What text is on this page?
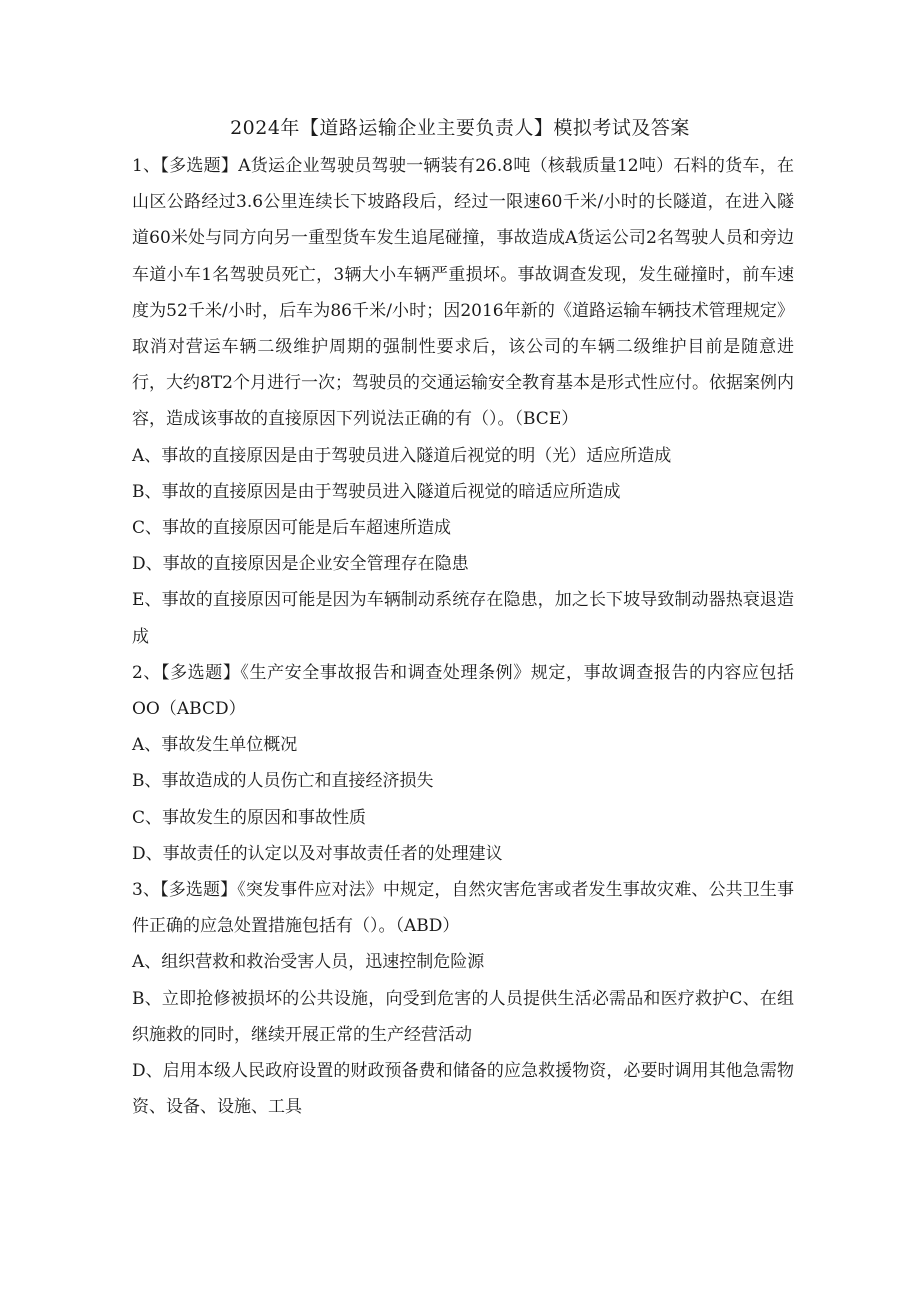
2024年【道路运输企业主要负责人】模拟考试及答案

1、【多选题】A货运企业驾驶员驾驶一辆装有26.8吨（核载质量12吨）石料的货车，在山区公路经过3.6公里连续长下坡路段后，经过一限速60千米/小时的长隧道，在进入隧道60米处与同方向另一重型货车发生追尾碰撞，事故造成A货运公司2名驾驶人员和旁边车道小车1名驾驶员死亡，3辆大小车辆严重损坏。事故调查发现，发生碰撞时，前车速度为52千米/小时，后车为86千米/小时；因2016年新的《道路运输车辆技术管理规定》取消对营运车辆二级维护周期的强制性要求后，该公司的车辆二级维护目前是随意进行，大约8T2个月进行一次；驾驶员的交通运输安全教育基本是形式性应付。依据案例内容，造成该事故的直接原因下列说法正确的有（）。（BCE）

A、事故的直接原因是由于驾驶员进入隧道后视觉的明（光）适应所造成

B、事故的直接原因是由于驾驶员进入隧道后视觉的暗适应所造成

C、事故的直接原因可能是后车超速所造成

D、事故的直接原因是企业安全管理存在隐患

E、事故的直接原因可能是因为车辆制动系统存在隐患，加之长下坡导致制动器热衰退造成

2、【多选题】《生产安全事故报告和调查处理条例》规定，事故调查报告的内容应包括OO（ABCD）

A、事故发生单位概况

B、事故造成的人员伤亡和直接经济损失

C、事故发生的原因和事故性质

D、事故责任的认定以及对事故责任者的处理建议

3、【多选题】《突发事件应对法》中规定，自然灾害危害或者发生事故灾难、公共卫生事件正确的应急处置措施包括有（）。（ABD）

A、组织营救和救治受害人员，迅速控制危险源

B、立即抢修被损坏的公共设施，向受到危害的人员提供生活必需品和医疗救护C、在组织施救的同时，继续开展正常的生产经营活动

D、启用本级人民政府设置的财政预备费和储备的应急救援物资，必要时调用其他急需物资、设备、设施、工具
